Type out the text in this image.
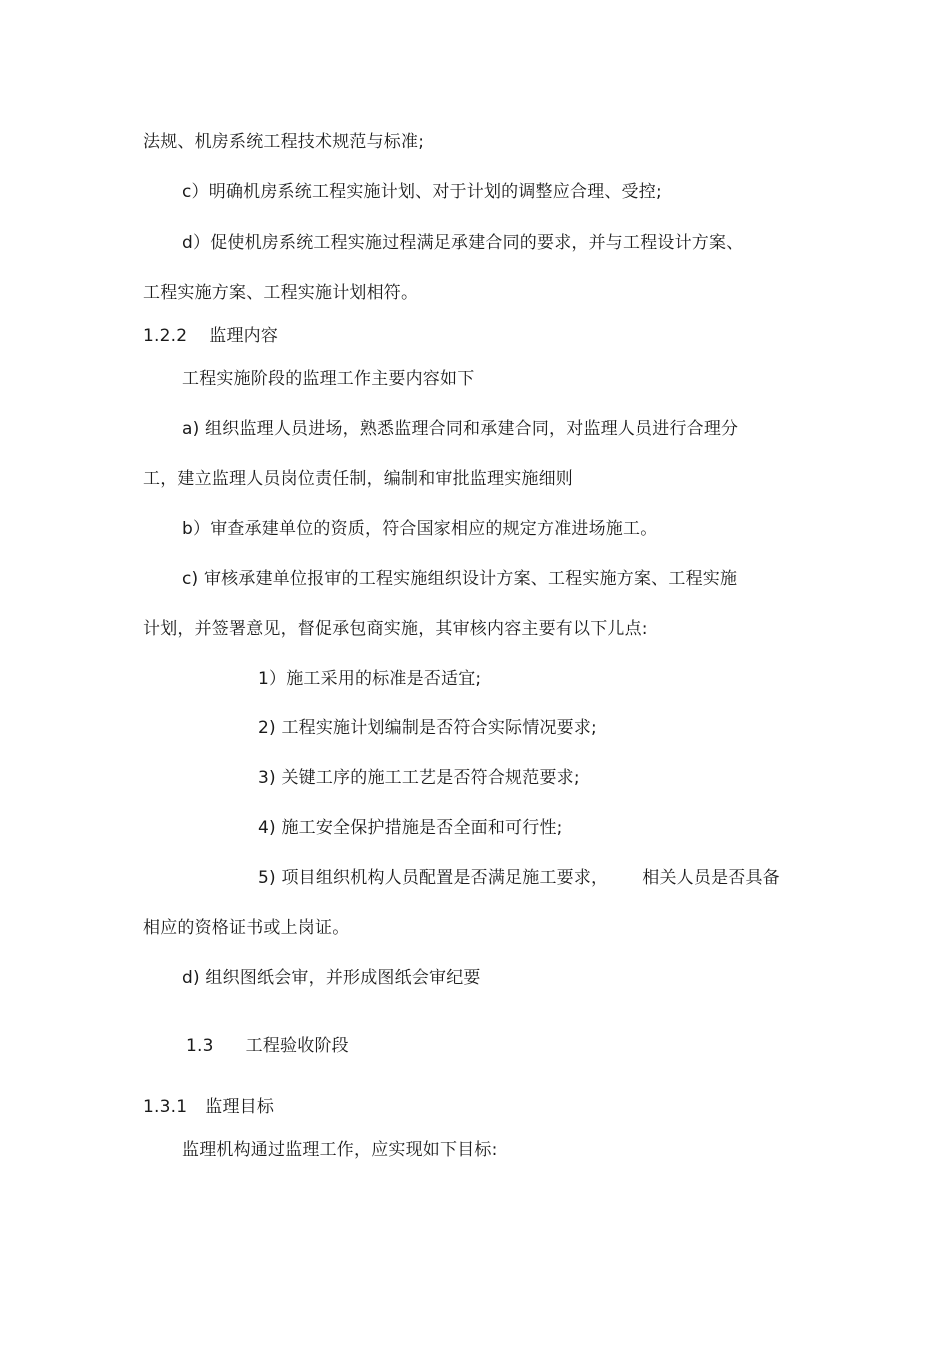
法规、机房系统工程技术规范与标准;
c）明确机房系统工程实施计划、对于计划的调整应合理、受控;
d）促使机房系统工程实施过程满足承建合同的要求，并与工程设计方案、
工程实施方案、工程实施计划相符。
1.2.2 监理内容
工程实施阶段的监理工作主要内容如下
a) 组织监理人员进场，熟悉监理合同和承建合同，对监理人员进行合理分
工，建立监理人员岗位责任制，编制和审批监理实施细则
b）审查承建单位的资质，符合国家相应的规定方准进场施工。
c) 审核承建单位报审的工程实施组织设计方案、工程实施方案、工程实施
计划，并签署意见，督促承包商实施，其审核内容主要有以下儿点:
1）施工采用的标准是否适宜;
2) 工程实施计划编制是否符合实际情况要求;
3) 关键工序的施工工艺是否符合规范要求;
4) 施工安全保护措施是否全面和可行性;
5) 项目组织机构人员配置是否满足施工要求， 相关人员是否具备
相应的资格证书或上岗证。
d) 组织图纸会审，并形成图纸会审纪要
1.3 工程验收阶段
1.3.1 监理目标
监理机构通过监理工作，应实现如下目标:
